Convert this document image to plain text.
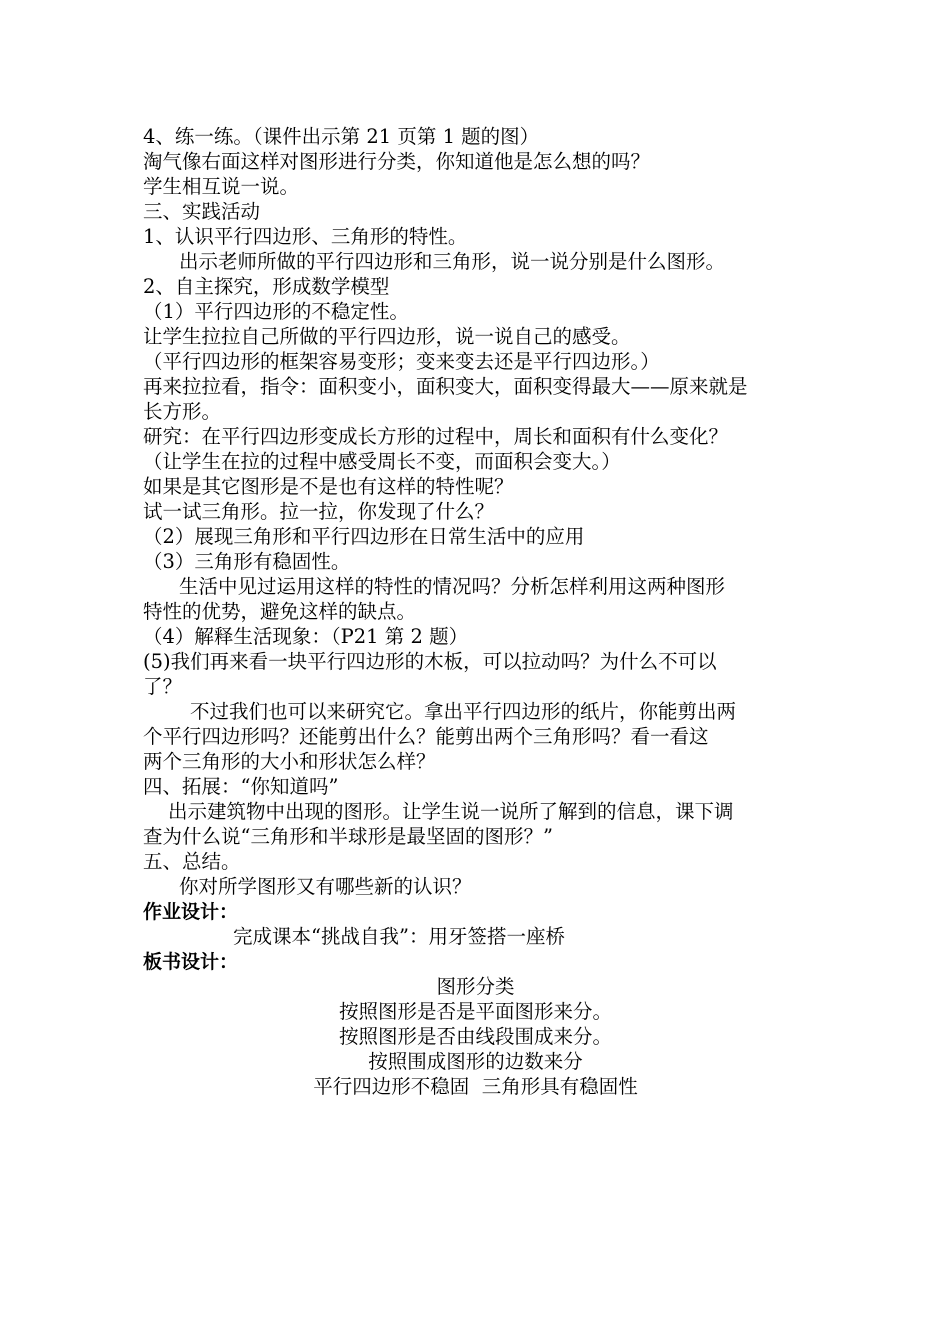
4、练一练。（课件出示第 21 页第 1 题的图）
淘气像右面这样对图形进行分类，你知道他是怎么想的吗？
学生相互说一说。
三、实践活动
1、认识平行四边形、三角形的特性。
出示老师所做的平行四边形和三角形，说一说分别是什么图形。
2、自主探究，形成数学模型
（1）平行四边形的不稳定性。
让学生拉拉自己所做的平行四边形，说一说自己的感受。
（平行四边形的框架容易变形；变来变去还是平行四边形。）
再来拉拉看，指令：面积变小，面积变大，面积变得最大——原来就是
长方形。
研究：在平行四边形变成长方形的过程中，周长和面积有什么变化？
（让学生在拉的过程中感受周长不变，而面积会变大。）
如果是其它图形是不是也有这样的特性呢？
试一试三角形。拉一拉，你发现了什么？
（2）展现三角形和平行四边形在日常生活中的应用
（3）三角形有稳固性。
生活中见过运用这样的特性的情况吗？分析怎样利用这两种图形
特性的优势，避免这样的缺点。
（4）解释生活现象：（P21 第 2 题）
(5)我们再来看一块平行四边形的木板，可以拉动吗？为什么不可以
了？
不过我们也可以来研究它。拿出平行四边形的纸片，你能剪出两
个平行四边形吗？还能剪出什么？能剪出两个三角形吗？看一看这
两个三角形的大小和形状怎么样？
四、拓展：“你知道吗”
出示建筑物中出现的图形。让学生说一说所了解到的信息，课下调
查为什么说“三角形和半球形是最坚固的图形？”
五、总结。
你对所学图形又有哪些新的认识？
作业设计：
完成课本“挑战自我”：用牙签搭一座桥
板书设计：
图形分类
按照图形是否是平面图形来分。
按照图形是否由线段围成来分。
按照围成图形的边数来分
平行四边形不稳固  三角形具有稳固性
